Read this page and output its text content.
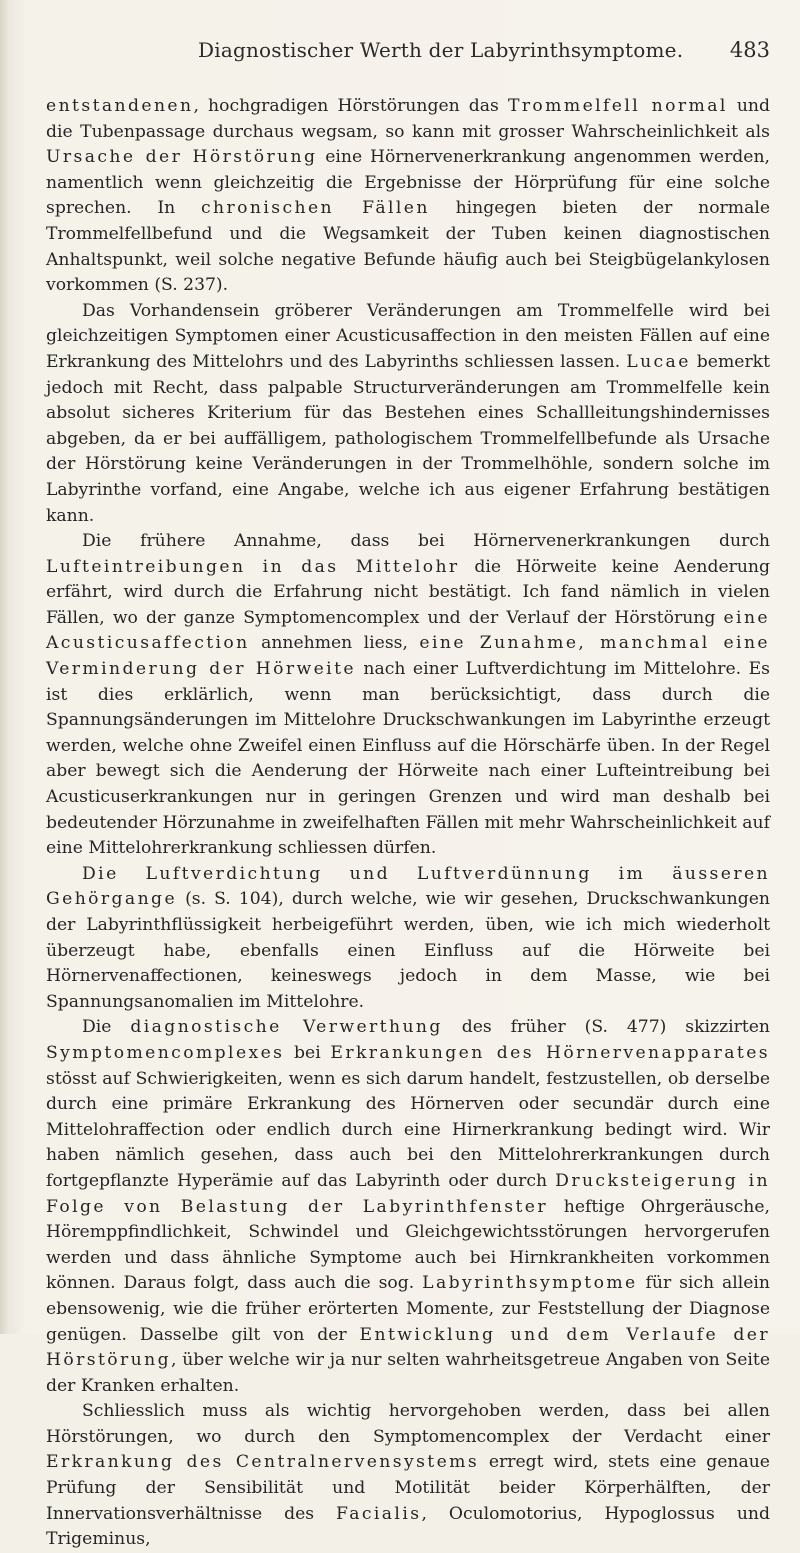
Diagnostischer Werth der Labyrinthsymptome. 483

entstandenen, hochgradigen Hörstörungen das Trommelfell normal und die Tubenpassage durchaus wegsam, so kann mit grosser Wahrscheinlichkeit als Ursache der Hörstörung eine Hörnervenerkrankung angenommen werden, namentlich wenn gleichzeitig die Ergebnisse der Hörprüfung für eine solche sprechen. In chronischen Fällen hingegen bieten der normale Trommelfellbefund und die Wegsamkeit der Tuben keinen diagnostischen Anhaltspunkt, weil solche negative Befunde häufig auch bei Steigbügelankylosen vorkommen (S. 237).

Das Vorhandensein gröberer Veränderungen am Trommelfelle wird bei gleichzeitigen Symptomen einer Acusticusaffection in den meisten Fällen auf eine Erkrankung des Mittelohrs und des Labyrinths schliessen lassen. Lucae bemerkt jedoch mit Recht, dass palpable Structurveränderungen am Trommelfelle kein absolut sicheres Kriterium für das Bestehen eines Schallleitungshindernisses abgeben, da er bei auffälligem, pathologischem Trommelfellbefunde als Ursache der Hörstörung keine Veränderungen in der Trommelhöhle, sondern solche im Labyrinthe vorfand, eine Angabe, welche ich aus eigener Erfahrung bestätigen kann.

Die frühere Annahme, dass bei Hörnervenerkrankungen durch Lufteintreibungen in das Mittelohr die Hörweite keine Aenderung erfährt, wird durch die Erfahrung nicht bestätigt. Ich fand nämlich in vielen Fällen, wo der ganze Symptomencomplex und der Verlauf der Hörstörung eine Acusticusaffection annehmen liess, eine Zunahme, manchmal eine Verminderung der Hörweite nach einer Luftverdichtung im Mittelohre. Es ist dies erklärlich, wenn man berücksichtigt, dass durch die Spannungsänderungen im Mittelohre Druckschwankungen im Labyrinthe erzeugt werden, welche ohne Zweifel einen Einfluss auf die Hörschärfe üben. In der Regel aber bewegt sich die Aenderung der Hörweite nach einer Lufteintreibung bei Acusticuserkrankungen nur in geringen Grenzen und wird man deshalb bei bedeutender Hörzunahme in zweifelhaften Fällen mit mehr Wahrscheinlichkeit auf eine Mittelohrerkrankung schliessen dürfen.

Die Luftverdichtung und Luftverdünnung im äusseren Gehörgange (s. S. 104), durch welche, wie wir gesehen, Druckschwankungen der Labyrinthflüssigkeit herbeigeführt werden, üben, wie ich mich wiederholt überzeugt habe, ebenfalls einen Einfluss auf die Hörweite bei Hörnervenaffectionen, keineswegs jedoch in dem Masse, wie bei Spannungsanomalien im Mittelohre.

Die diagnostische Verwerthung des früher (S. 477) skizzirten Symptomencomplexes bei Erkrankungen des Hörnervenapparates stösst auf Schwierigkeiten, wenn es sich darum handelt, festzustellen, ob derselbe durch eine primäre Erkrankung des Hörnerven oder secundär durch eine Mittelohraffection oder endlich durch eine Hirnerkrankung bedingt wird. Wir haben nämlich gesehen, dass auch bei den Mittelohrerkrankungen durch fortgepflanzte Hyperämie auf das Labyrinth oder durch Drucksteigerung in Folge von Belastung der Labyrinthfenster heftige Ohrgeräusche, Höremppfindlichkeit, Schwindel und Gleichgewichtsstörungen hervorgerufen werden und dass ähnliche Symptome auch bei Hirnkrankheiten vorkommen können. Daraus folgt, dass auch die sog. Labyrinthsymptome für sich allein ebensowenig, wie die früher erörterten Momente, zur Feststellung der Diagnose genügen. Dasselbe gilt von der Entwicklung und dem Verlaufe der Hörstörung, über welche wir ja nur selten wahrheitsgetreue Angaben von Seite der Kranken erhalten.

Schliesslich muss als wichtig hervorgehoben werden, dass bei allen Hörstörungen, wo durch den Symptomencomplex der Verdacht einer Erkrankung des Centralnervensystems erregt wird, stets eine genaue Prüfung der Sensibilität und Motilität beider Körperhälften, der Innervationsverhältnisse des Facialis, Oculomotorius, Hypoglossus und Trigeminus,
